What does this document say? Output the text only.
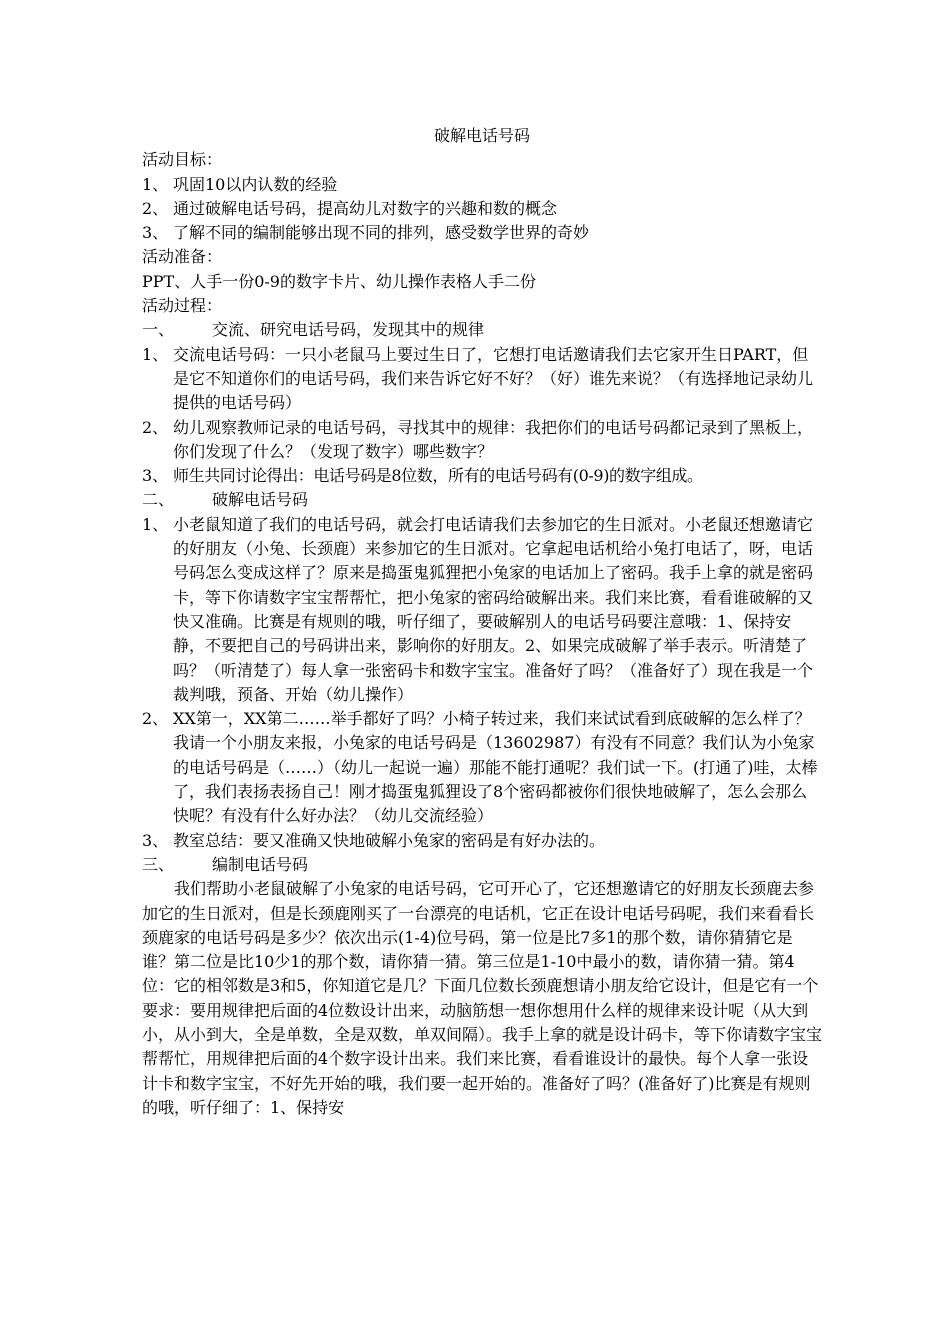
破解电话号码

活动目标：

1、 巩固10以内认数的经验
2、 通过破解电话号码，提高幼儿对数字的兴趣和数的概念
3、 了解不同的编制能够出现不同的排列，感受数学世界的奇妙

活动准备：

PPT、人手一份0-9的数字卡片、幼儿操作表格人手二份

活动过程：

一、	交流、研究电话号码，发现其中的规律
1、 交流电话号码：一只小老鼠马上要过生日了，它想打电话邀请我们去它家开生日PART，但是它不知道你们的电话号码，我们来告诉它好不好？（好）谁先来说？（有选择地记录幼儿提供的电话号码）
2、 幼儿观察教师记录的电话号码，寻找其中的规律：我把你们的电话号码都记录到了黑板上，你们发现了什么？（发现了数字）哪些数字？
3、 师生共同讨论得出：电话号码是8位数，所有的电话号码有(0-9)的数字组成。
二、	破解电话号码
1、 小老鼠知道了我们的电话号码，就会打电话请我们去参加它的生日派对。小老鼠还想邀请它的好朋友（小兔、长颈鹿）来参加它的生日派对。它拿起电话机给小兔打电话了，呀，电话号码怎么变成这样了？原来是捣蛋鬼狐狸把小兔家的电话加上了密码。我手上拿的就是密码卡，等下你请数字宝宝帮帮忙，把小兔家的密码给破解出来。我们来比赛，看看谁破解的又快又准确。比赛是有规则的哦，听仔细了，要破解别人的电话号码要注意哦：1、保持安静，不要把自己的号码讲出来，影响你的好朋友。2、如果完成破解了举手表示。听清楚了吗？（听清楚了）每人拿一张密码卡和数字宝宝。准备好了吗？（准备好了）现在我是一个裁判哦，预备、开始（幼儿操作）
2、 XX第一，XX第二……举手都好了吗？小椅子转过来，我们来试试看到底破解的怎么样了？我请一个小朋友来报，小兔家的电话号码是（13602987）有没有不同意？我们认为小兔家的电话号码是（……）（幼儿一起说一遍）那能不能打通呢？我们试一下。(打通了)哇，太棒了，我们表扬表扬自己！刚才捣蛋鬼狐狸设了8个密码都被你们很快地破解了，怎么会那么快呢？有没有什么好办法？（幼儿交流经验）
3、 教室总结：要又准确又快地破解小兔家的密码是有好办法的。
三、	编制电话号码

我们帮助小老鼠破解了小兔家的电话号码，它可开心了，它还想邀请它的好朋友长颈鹿去参加它的生日派对，但是长颈鹿刚买了一台漂亮的电话机，它正在设计电话号码呢，我们来看看长颈鹿家的电话号码是多少？依次出示(1-4)位号码，第一位是比7多1的那个数，请你猜猜它是谁？第二位是比10少1的那个数，请你猜一猜。第三位是1-10中最小的数，请你猜一猜。第4位：它的相邻数是3和5，你知道它是几？下面几位数长颈鹿想请小朋友给它设计，但是它有一个要求：要用规律把后面的4位数设计出来，动脑筋想一想你想用什么样的规律来设计呢（从大到小，从小到大，全是单数，全是双数，单双间隔）。我手上拿的就是设计码卡，等下你请数字宝宝帮帮忙，用规律把后面的4个数字设计出来。我们来比赛，看看谁设计的最快。每个人拿一张设计卡和数字宝宝，不好先开始的哦，我们要一起开始的。准备好了吗？(准备好了)比赛是有规则的哦，听仔细了：1、保持安
